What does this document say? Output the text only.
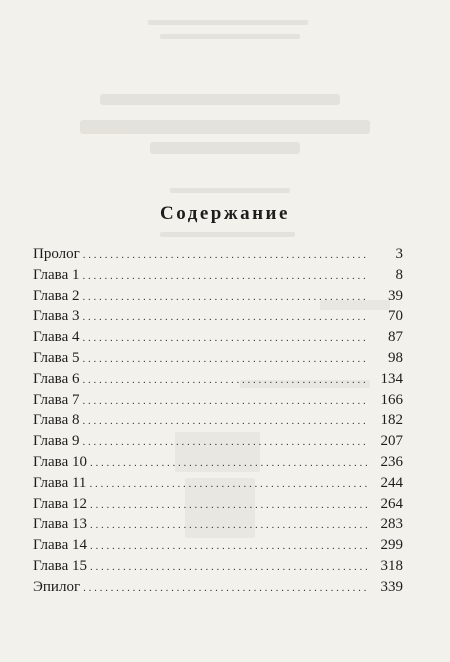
Содержание
Пролог . . .	3
Глава 1 . . .	8
Глава 2 . . .	39
Глава 3 . . .	70
Глава 4 . . .	87
Глава 5 . . .	98
Глава 6 . . .	134
Глава 7 . . .	166
Глава 8 . . .	182
Глава 9 . . .	207
Глава 10 . . .	236
Глава 11 . . .	244
Глава 12 . . .	264
Глава 13 . . .	283
Глава 14 . . .	299
Глава 15 . . .	318
Эпилог . . .	339
